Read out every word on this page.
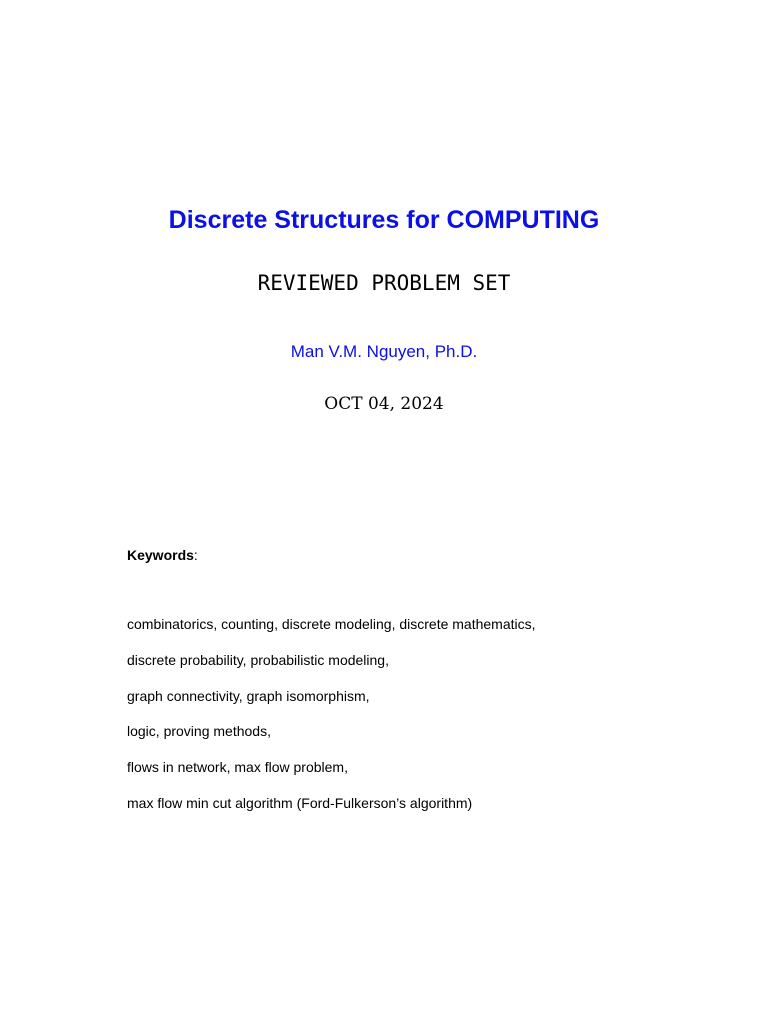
Discrete Structures for COMPUTING
REVIEWED PROBLEM SET
Man V.M. Nguyen, Ph.D.
OCT 04, 2024
Keywords:
combinatorics, counting, discrete modeling, discrete mathematics,
discrete probability, probabilistic modeling,
graph connectivity, graph isomorphism,
logic, proving methods,
flows in network, max flow problem,
max flow min cut algorithm (Ford-Fulkerson’s algorithm)
